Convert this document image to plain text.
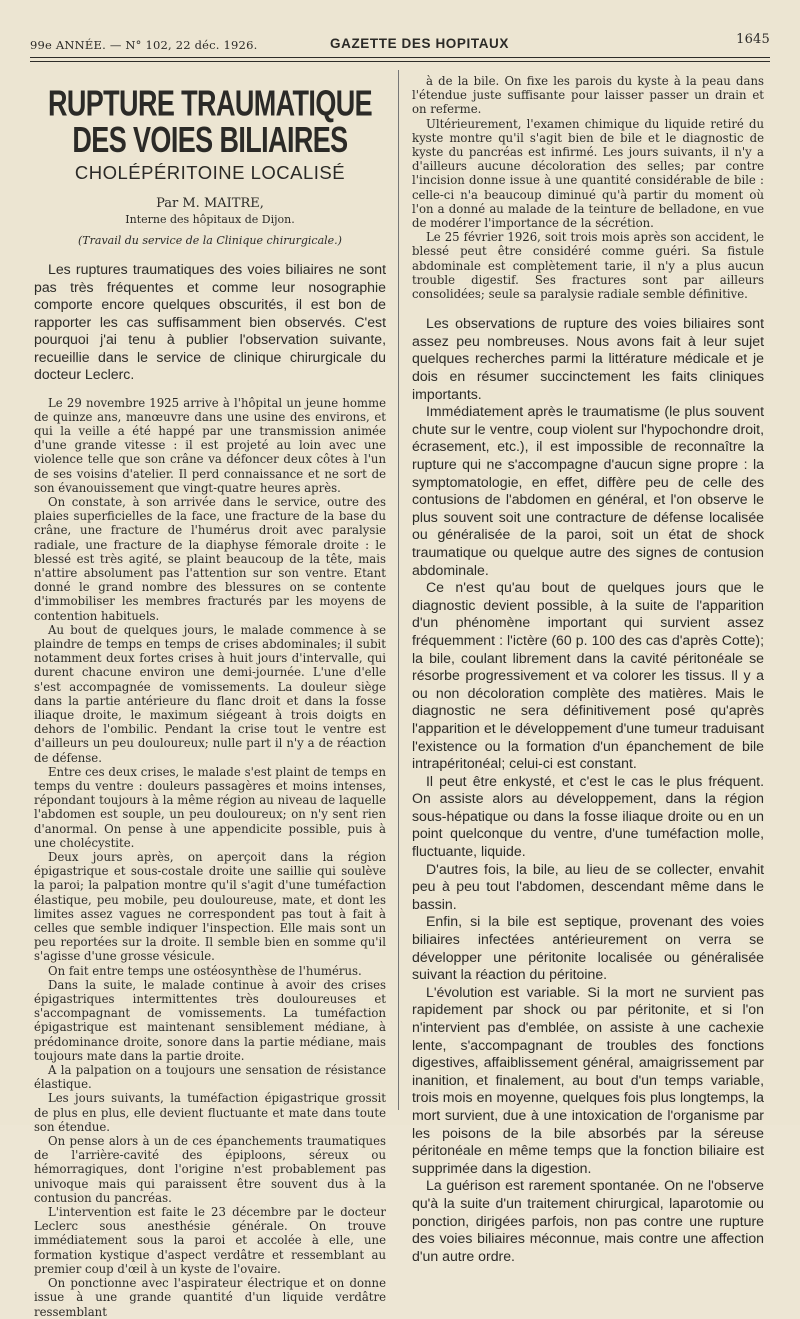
99e ANNÉE. — N° 102, 22 déc. 1926.	GAZETTE DES HOPITAUX	1645
RUPTURE TRAUMATIQUE DES VOIES BILIAIRES
CHOLÉPÉRITOINE LOCALISÉ
Par M. MAITRE,
Interne des hôpitaux de Dijon.
(Travail du service de la Clinique chirurgicale.)

Les ruptures traumatiques des voies biliaires ne sont pas très fréquentes et comme leur nosographie comporte encore quelques obscurités, il est bon de rapporter les cas suffisamment bien observés. C'est pourquoi j'ai tenu à publier l'observation suivante, recueillie dans le service de clinique chirurgicale du docteur Leclerc.

Le 29 novembre 1925 arrive à l'hôpital un jeune homme de quinze ans, manœuvre dans une usine des environs, et qui la veille a été happé par une transmission animée d'une grande vitesse : il est projeté au loin avec une violence telle que son crâne va défoncer deux côtes à l'un de ses voisins d'atelier. Il perd connaissance et ne sort de son évanouissement que vingt-quatre heures après.

On constate, à son arrivée dans le service, outre des plaies superficielles de la face, une fracture de la base du crâne, une fracture de l'humérus droit avec paralysie radiale, une fracture de la diaphyse fémorale droite : le blessé est très agité, se plaint beaucoup de la tête, mais n'attire absolument pas l'attention sur son ventre. Etant donné le grand nombre des blessures on se contente d'immobiliser les membres fracturés par les moyens de contention habituels.

Au bout de quelques jours, le malade commence à se plaindre de temps en temps de crises abdominales; il subit notamment deux fortes crises à huit jours d'intervalle, qui durent chacune environ une demi-journée. L'une d'elle s'est accompagnée de vomissements. La douleur siège dans la partie antérieure du flanc droit et dans la fosse iliaque droite, le maximum siégeant à trois doigts en dehors de l'ombilic. Pendant la crise tout le ventre est d'ailleurs un peu douloureux; nulle part il n'y a de réaction de défense.

Entre ces deux crises, le malade s'est plaint de temps en temps du ventre : douleurs passagères et moins intenses, répondant toujours à la même région au niveau de laquelle l'abdomen est souple, un peu douloureux; on n'y sent rien d'anormal. On pense à une appendicite possible, puis à une cholécystite.

Deux jours après, on aperçoit dans la région épigastrique et sous-costale droite une saillie qui soulève la paroi; la palpation montre qu'il s'agit d'une tuméfaction élastique, peu mobile, peu douloureuse, mate, et dont les limites assez vagues ne correspondent pas tout à fait à celles que semble indiquer l'inspection. Elle mais sont un peu reportées sur la droite. Il semble bien en somme qu'il s'agisse d'une grosse vésicule.

On fait entre temps une ostéosynthèse de l'humérus.

Dans la suite, le malade continue à avoir des crises épigastriques intermittentes très douloureuses et s'accompagnant de vomissements. La tuméfaction épigastrique est maintenant sensiblement médiane, à prédominance droite, sonore dans la partie médiane, mais toujours mate dans la partie droite.

A la palpation on a toujours une sensation de résistance élastique.

Les jours suivants, la tuméfaction épigastrique grossit de plus en plus, elle devient fluctuante et mate dans toute son étendue.

On pense alors à un de ces épanchements traumatiques de l'arrière-cavité des épiploons, séreux ou hémorragiques, dont l'origine n'est probablement pas univoque mais qui paraissent être souvent dus à la contusion du pancréas.

L'intervention est faite le 23 décembre par le docteur Leclerc sous anesthésie générale. On trouve immédiatement sous la paroi et accolée à elle, une formation kystique d'aspect verdâtre et ressemblant au premier coup d'œil à un kyste de l'ovaire.

On ponctionne avec l'aspirateur électrique et on donne issue à une grande quantité d'un liquide verdâtre ressemblant

à de la bile. On fixe les parois du kyste à la peau dans l'étendue juste suffisante pour laisser passer un drain et on referme.

Ultérieurement, l'examen chimique du liquide retiré du kyste montre qu'il s'agit bien de bile et le diagnostic de kyste du pancréas est infirmé. Les jours suivants, il n'y a d'ailleurs aucune décoloration des selles; par contre l'incision donne issue à une quantité considérable de bile : celle-ci n'a beaucoup diminué qu'à partir du moment où l'on a donné au malade de la teinture de belladone, en vue de modérer l'importance de la sécrétion.

Le 25 février 1926, soit trois mois après son accident, le blessé peut être considéré comme guéri. Sa fistule abdominale est complètement tarie, il n'y a plus aucun trouble digestif. Ses fractures sont par ailleurs consolidées; seule sa paralysie radiale semble définitive.

Les observations de rupture des voies biliaires sont assez peu nombreuses. Nous avons fait à leur sujet quelques recherches parmi la littérature médicale et je dois en résumer succinctement les faits cliniques importants.

Immédiatement après le traumatisme (le plus souvent chute sur le ventre, coup violent sur l'hypochondre droit, écrasement, etc.), il est impossible de reconnaître la rupture qui ne s'accompagne d'aucun signe propre : la symptomatologie, en effet, diffère peu de celle des contusions de l'abdomen en général, et l'on observe le plus souvent soit une contracture de défense localisée ou généralisée de la paroi, soit un état de shock traumatique ou quelque autre des signes de contusion abdominale.

Ce n'est qu'au bout de quelques jours que le diagnostic devient possible, à la suite de l'apparition d'un phénomène important qui survient assez fréquemment : l'ictère (60 p. 100 des cas d'après Cotte); la bile, coulant librement dans la cavité péritonéale se résorbe progressivement et va colorer les tissus. Il y a ou non décoloration complète des matières. Mais le diagnostic ne sera définitivement posé qu'après l'apparition et le développement d'une tumeur traduisant l'existence ou la formation d'un épanchement de bile intrapéritonéal; celui-ci est constant.

Il peut être enkysté, et c'est le cas le plus fréquent. On assiste alors au développement, dans la région sous-hépatique ou dans la fosse iliaque droite ou en un point quelconque du ventre, d'une tuméfaction molle, fluctuante, liquide.

D'autres fois, la bile, au lieu de se collecter, envahit peu à peu tout l'abdomen, descendant même dans le bassin.

Enfin, si la bile est septique, provenant des voies biliaires infectées antérieurement on verra se développer une péritonite localisée ou généralisée suivant la réaction du péritoine.

L'évolution est variable. Si la mort ne survient pas rapidement par shock ou par péritonite, et si l'on n'intervient pas d'emblée, on assiste à une cachexie lente, s'accompagnant de troubles des fonctions digestives, affaiblissement général, amaigrissement par inanition, et finalement, au bout d'un temps variable, trois mois en moyenne, quelques fois plus longtemps, la mort survient, due à une intoxication de l'organisme par les poisons de la bile absorbés par la séreuse péritonéale en même temps que la fonction biliaire est supprimée dans la digestion.

La guérison est rarement spontanée. On ne l'observe qu'à la suite d'un traitement chirurgical, laparotomie ou ponction, dirigées parfois, non pas contre une rupture des voies biliaires méconnue, mais contre une affection d'un autre ordre.
